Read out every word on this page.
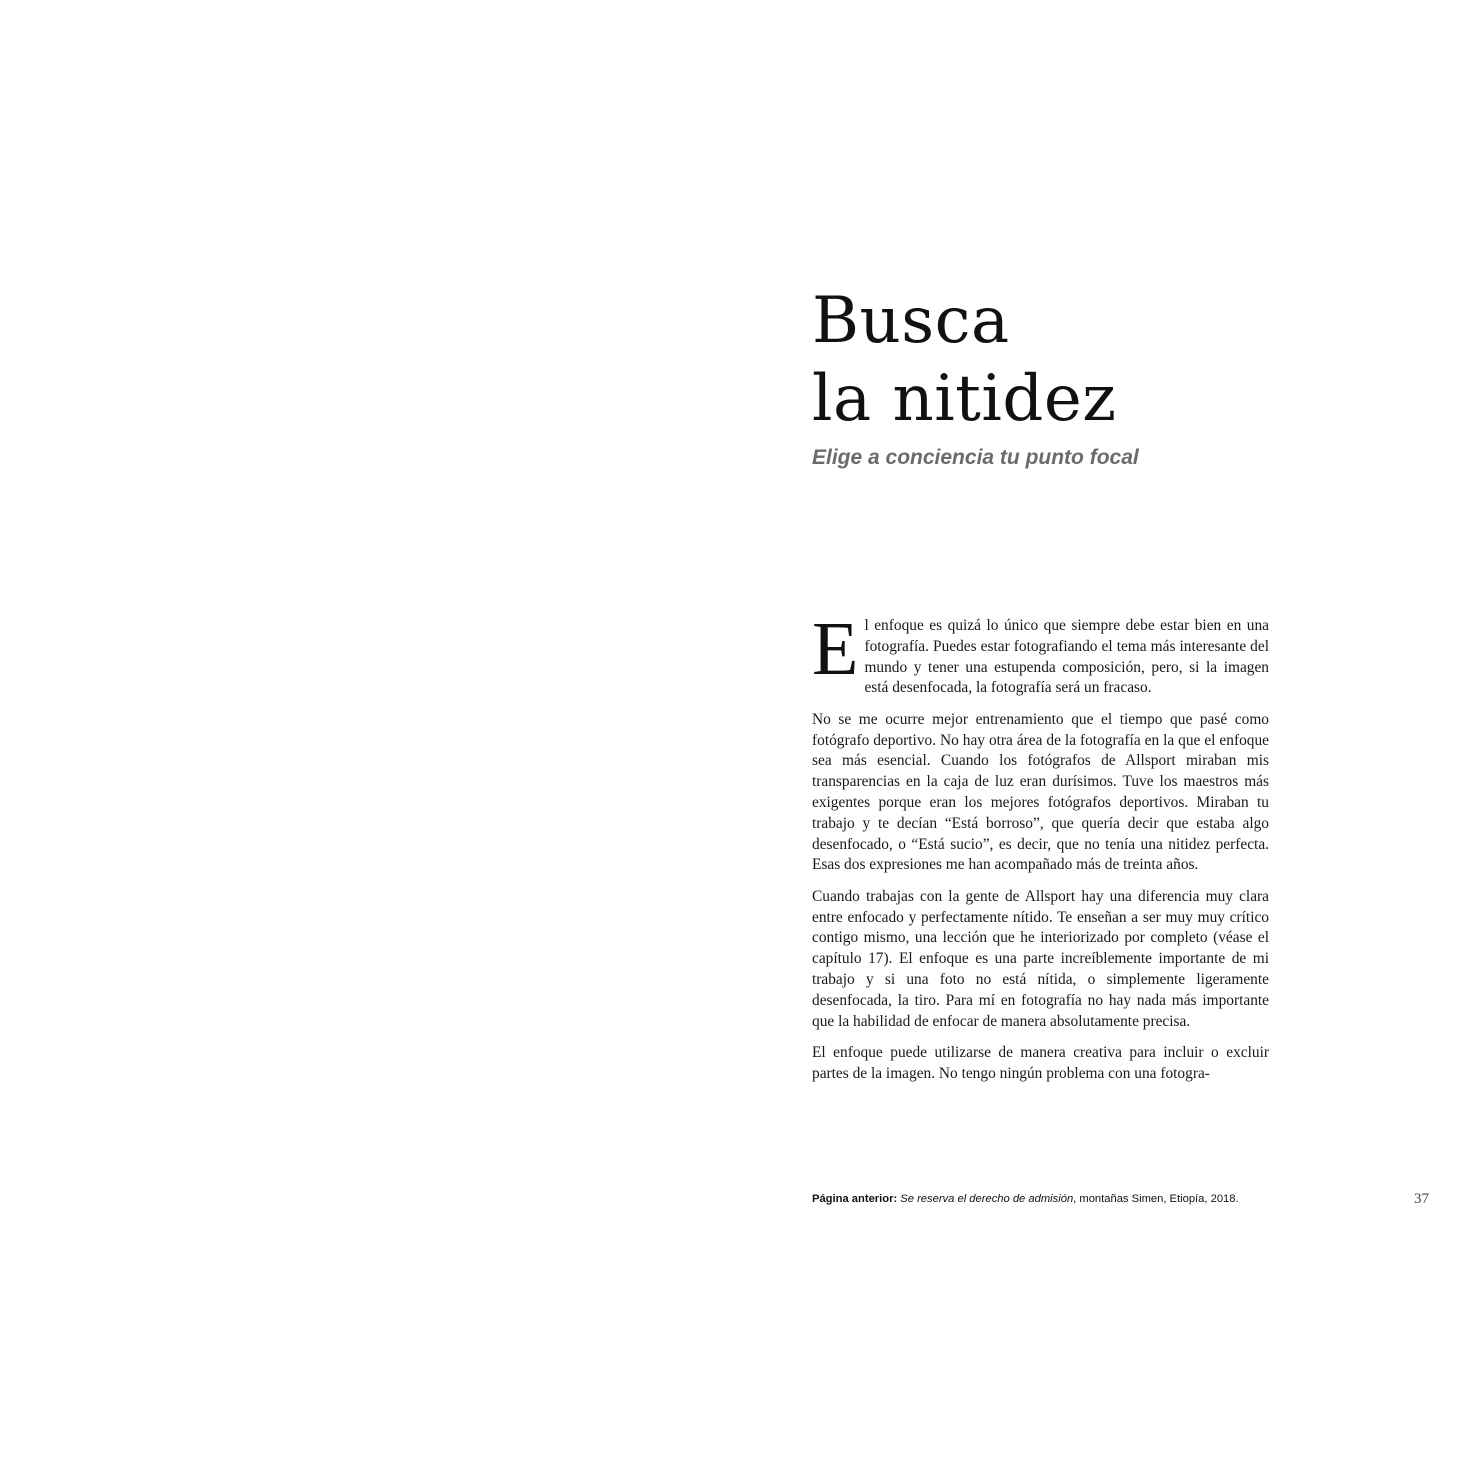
Busca
la nitidez
Elige a conciencia tu punto focal

El enfoque es quizá lo único que siempre debe estar bien en una fotografía. Puedes estar fotografiando el tema más interesante del mundo y tener una estupenda composición, pero, si la imagen está desenfocada, la fotografía será un fracaso.

No se me ocurre mejor entrenamiento que el tiempo que pasé como fotógrafo deportivo. No hay otra área de la fotografía en la que el enfoque sea más esencial. Cuando los fotógrafos de Allsport miraban mis transparencias en la caja de luz eran durísimos. Tuve los maestros más exigentes porque eran los mejores fotógrafos deportivos. Miraban tu trabajo y te decían “Está borroso”, que quería decir que estaba algo desenfocado, o “Está sucio”, es decir, que no tenía una nitidez perfecta. Esas dos expresiones me han acompañado más de treinta años.

Cuando trabajas con la gente de Allsport hay una diferencia muy clara entre enfocado y perfectamente nítido. Te enseñan a ser muy muy crítico contigo mismo, una lección que he interiorizado por completo (véase el capítulo 17). El enfoque es una parte increíblemente importante de mi trabajo y si una foto no está nítida, o simplemente ligeramente desenfocada, la tiro. Para mí en fotografía no hay nada más importante que la habilidad de enfocar de manera absolutamente precisa.

El enfoque puede utilizarse de manera creativa para incluir o excluir partes de la imagen. No tengo ningún problema con una fotogra-

Página anterior: Se reserva el derecho de admisión, montañas Simen, Etiopía, 2018.	37
